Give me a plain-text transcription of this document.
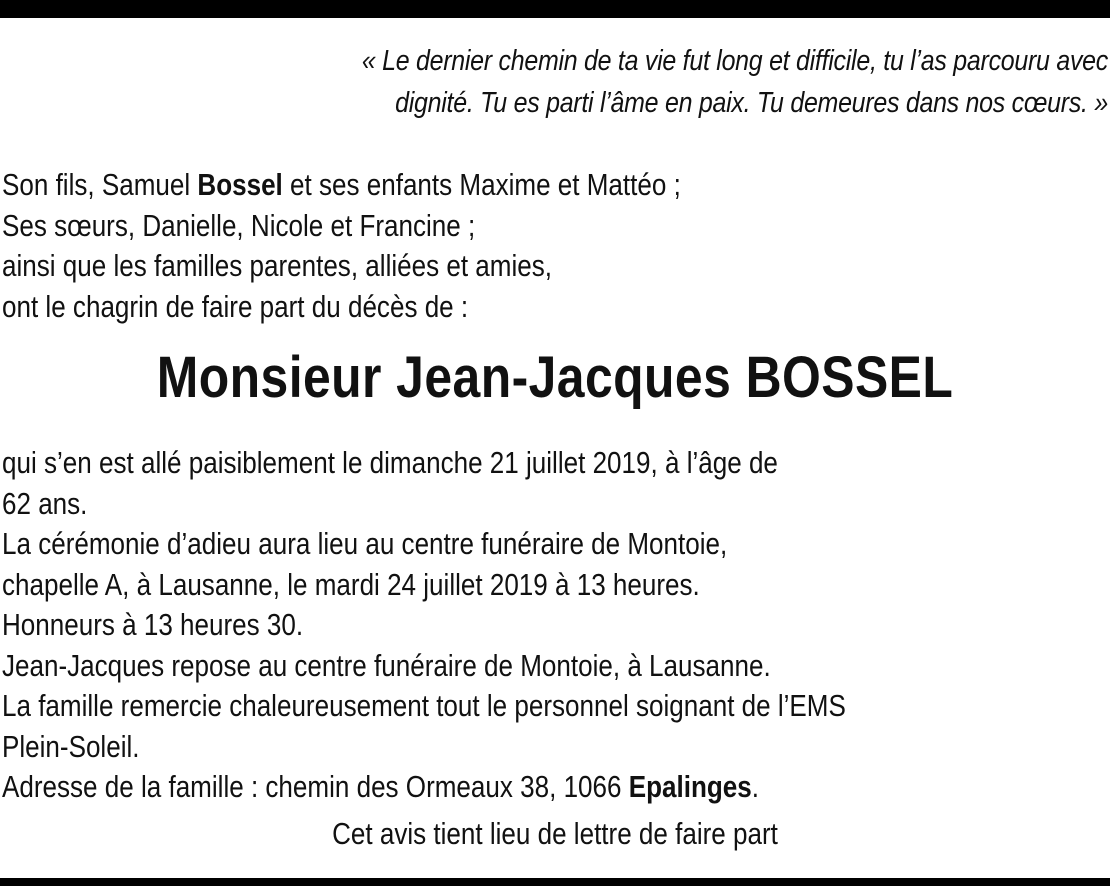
« Le dernier chemin de ta vie fut long et difficile, tu l’as parcouru avec
dignité. Tu es parti l’âme en paix. Tu demeures dans nos cœurs. »
Son fils, Samuel Bossel et ses enfants Maxime et Mattéo ;
Ses sœurs, Danielle, Nicole et Francine ;
ainsi que les familles parentes, alliées et amies,
ont le chagrin de faire part du décès de :
Monsieur Jean-Jacques BOSSEL
qui s’en est allé paisiblement le dimanche 21 juillet 2019, à l’âge de
62 ans.
La cérémonie d’adieu aura lieu au centre funéraire de Montoie,
chapelle A, à Lausanne, le mardi 24 juillet 2019 à 13 heures.
Honneurs à 13 heures 30.
Jean-Jacques repose au centre funéraire de Montoie, à Lausanne.
La famille remercie chaleureusement tout le personnel soignant de l’EMS
Plein-Soleil.
Adresse de la famille : chemin des Ormeaux 38, 1066 Epalinges.
Cet avis tient lieu de lettre de faire part
